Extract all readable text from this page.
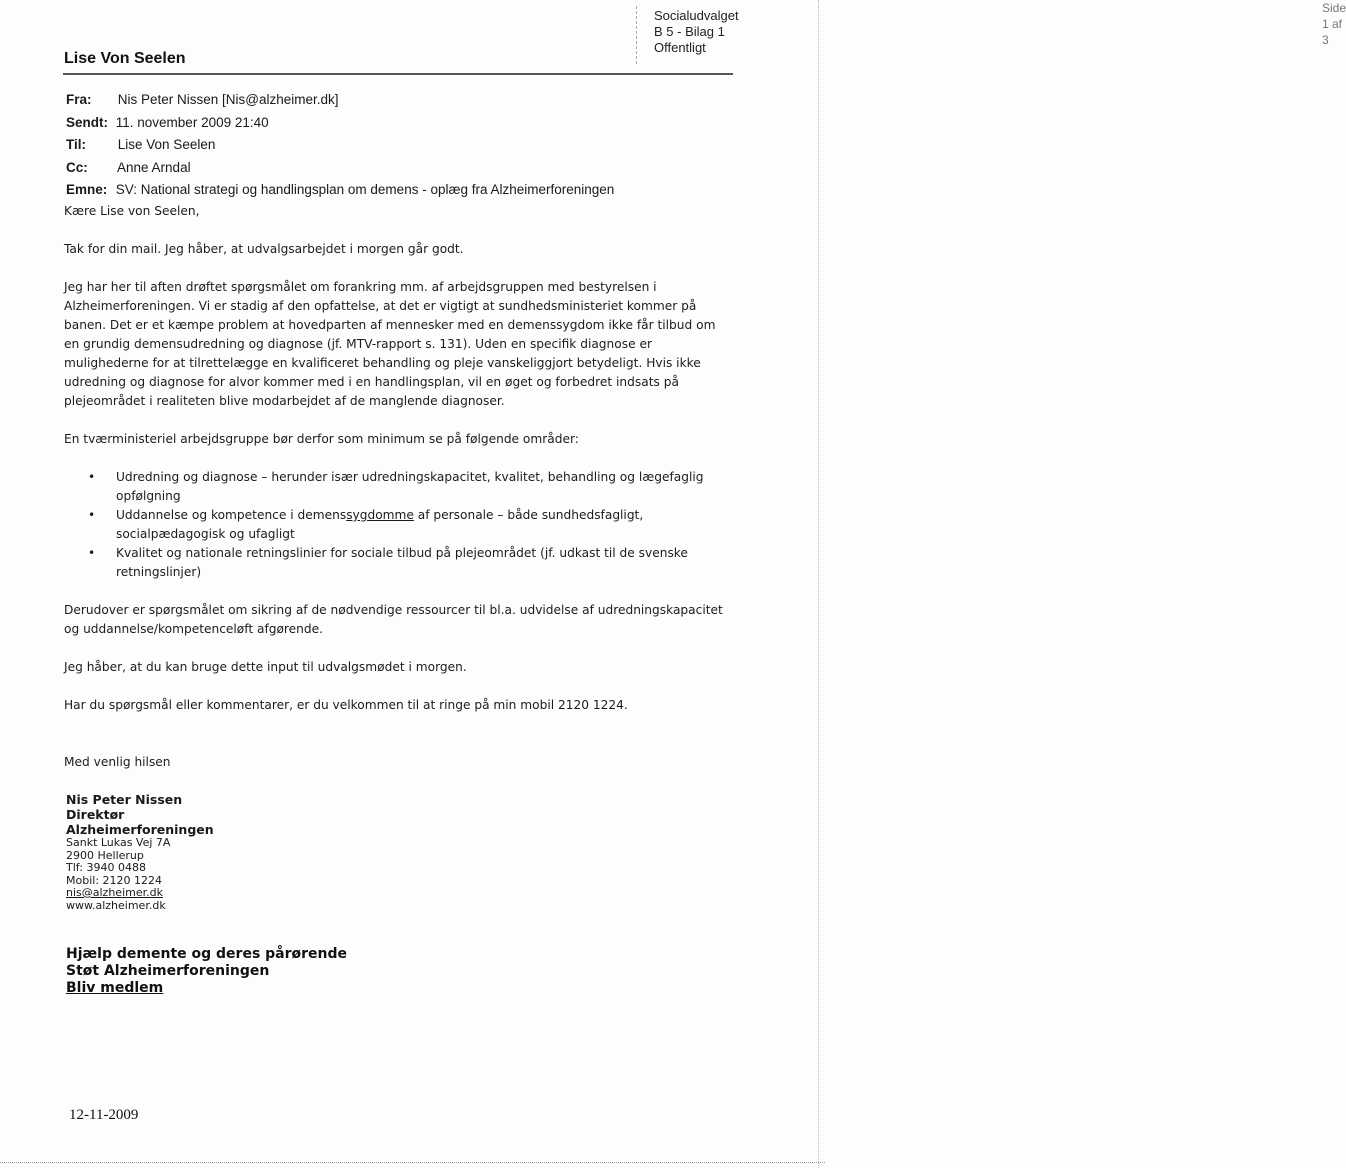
Side 1 af 3
Socialudvalget
B 5 - Bilag 1
Offentligt
Lise Von Seelen
Fra: Nis Peter Nissen [Nis@alzheimer.dk]
Sendt: 11. november 2009 21:40
Til: Lise Von Seelen
Cc: Anne Arndal
Emne: SV: National strategi og handlingsplan om demens - oplæg fra Alzheimerforeningen

Kære Lise von Seelen,

Tak for din mail. Jeg håber, at udvalgsarbejdet i morgen går godt.

Jeg har her til aften drøftet spørgsmålet om forankring mm. af arbejdsgruppen med bestyrelsen i Alzheimerforeningen. Vi er stadig af den opfattelse, at det er vigtigt at sundhedsministeriet kommer på banen. Det er et kæmpe problem at hovedparten af mennesker med en demenssygdom ikke får tilbud om en grundig demensudredning og diagnose (jf. MTV-rapport s. 131). Uden en specifik diagnose er mulighederne for at tilrettelægge en kvalificeret behandling og pleje vanskeliggjort betydeligt. Hvis ikke udredning og diagnose for alvor kommer med i en handlingsplan, vil en øget og forbedret indsats på plejeområdet i realiteten blive modarbejdet af de manglende diagnoser.

En tværministeriel arbejdsgruppe bør derfor som minimum se på følgende områder:

• Udredning og diagnose – herunder især udredningskapacitet, kvalitet, behandling og lægefaglig opfølgning
• Uddannelse og kompetence i demenssygdomme af personale – både sundhedsfagligt, socialpædagogisk og ufagligt
• Kvalitet og nationale retningslinier for sociale tilbud på plejeområdet (jf. udkast til de svenske retningslinjer)

Derudover er spørgsmålet om sikring af de nødvendige ressourcer til bl.a. udvidelse af udredningskapacitet og uddannelse/kompetenceløft afgørende.

Jeg håber, at du kan bruge dette input til udvalgsmødet i morgen.

Har du spørgsmål eller kommentarer, er du velkommen til at ringe på min mobil 2120 1224.

Med venlig hilsen

Nis Peter Nissen
Direktør
Alzheimerforeningen
Sankt Lukas Vej 7A
2900 Hellerup
Tlf: 3940 0488
Mobil: 2120 1224
nis@alzheimer.dk
www.alzheimer.dk
Hjælp demente og deres pårørende
Støt Alzheimerforeningen
Bliv medlem
12-11-2009
